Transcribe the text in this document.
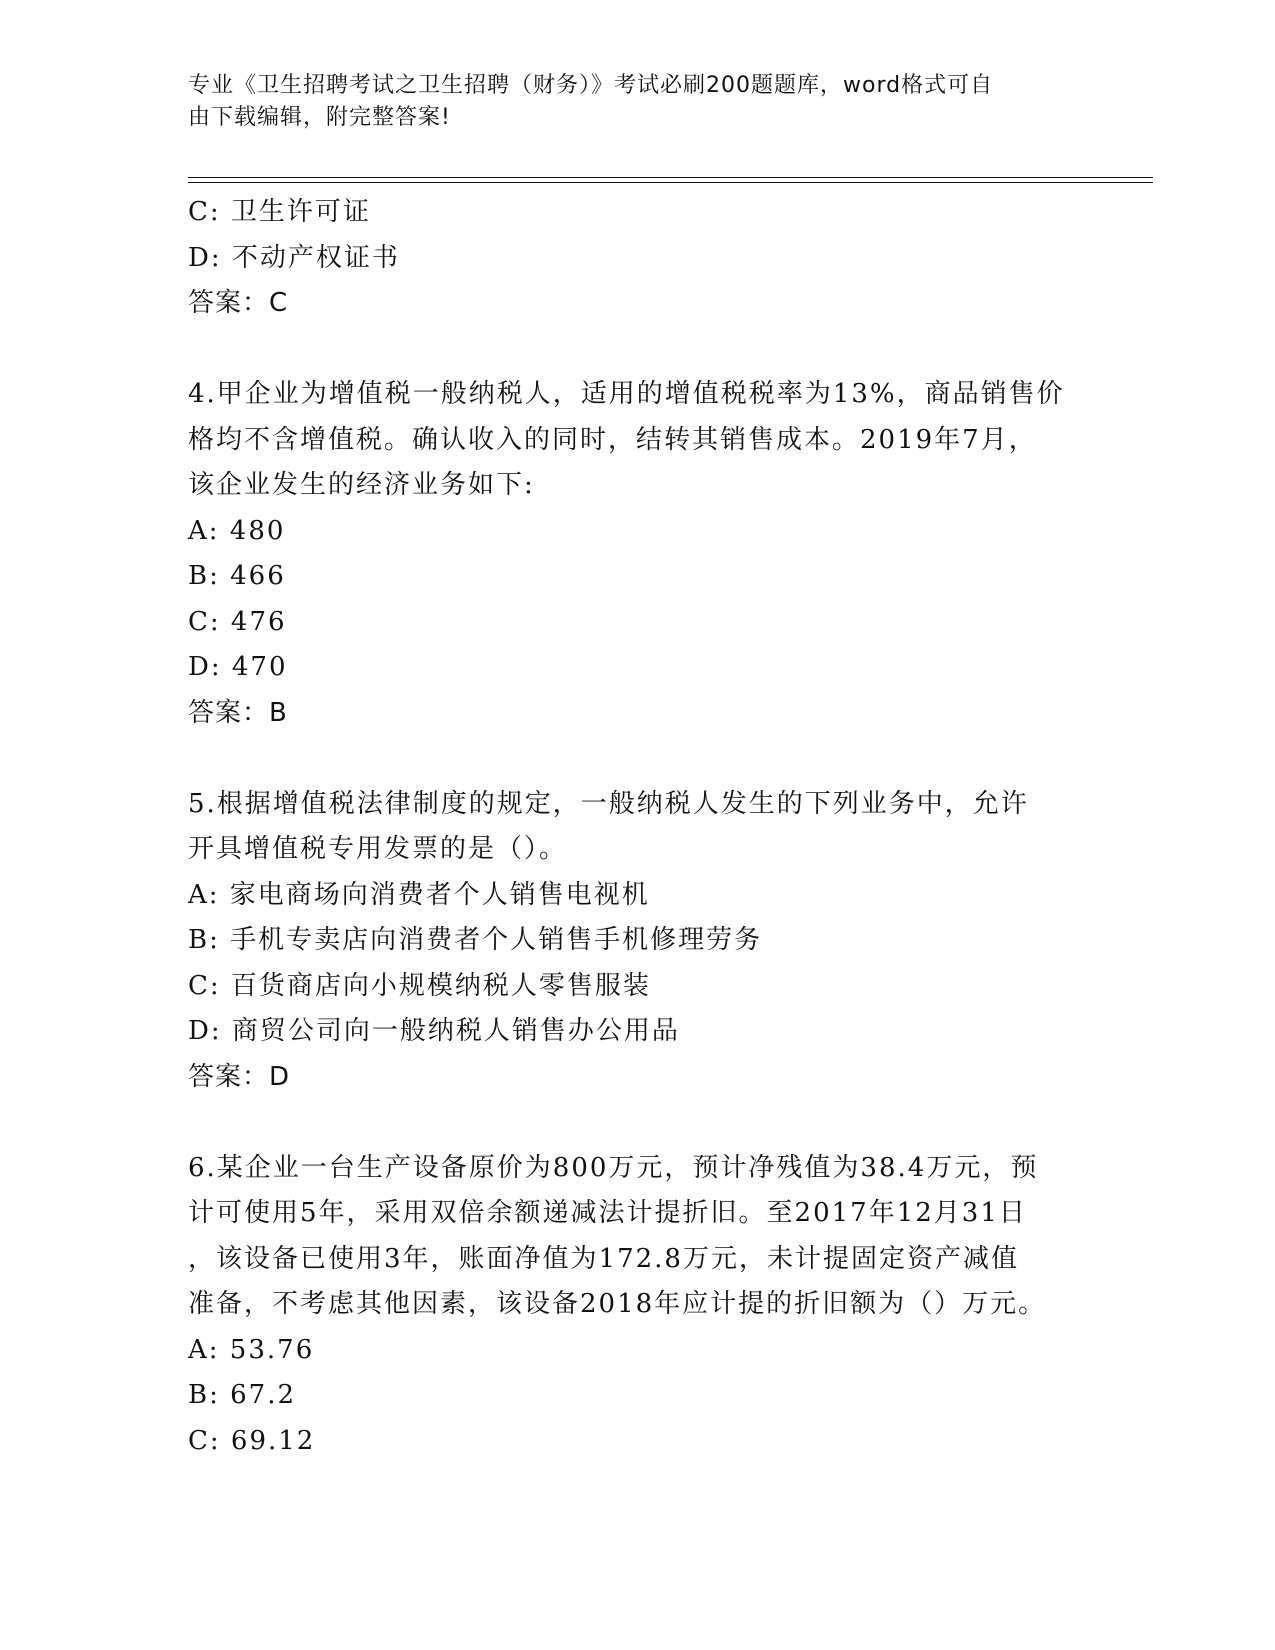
专业《卫生招聘考试之卫生招聘（财务）》考试必刷200题题库，word格式可自
由下载编辑，附完整答案!
C: 卫生许可证
D: 不动产权证书
答案：C
4.甲企业为增值税一般纳税人，适用的增值税税率为13%，商品销售价
格均不含增值税。确认收入的同时，结转其销售成本。2019年7月，
该企业发生的经济业务如下:
A: 480
B: 466
C: 476
D: 470
答案：B
5.根据增值税法律制度的规定，一般纳税人发生的下列业务中，允许
开具增值税专用发票的是（）。
A: 家电商场向消费者个人销售电视机
B: 手机专卖店向消费者个人销售手机修理劳务
C: 百货商店向小规模纳税人零售服装
D: 商贸公司向一般纳税人销售办公用品
答案：D
6.某企业一台生产设备原价为800万元，预计净残值为38.4万元，预
计可使用5年，采用双倍余额递减法计提折旧。至2017年12月31日
，该设备已使用3年，账面净值为172.8万元，未计提固定资产减值
准备，不考虑其他因素，该设备2018年应计提的折旧额为（）万元。
A: 53.76
B: 67.2
C: 69.12
